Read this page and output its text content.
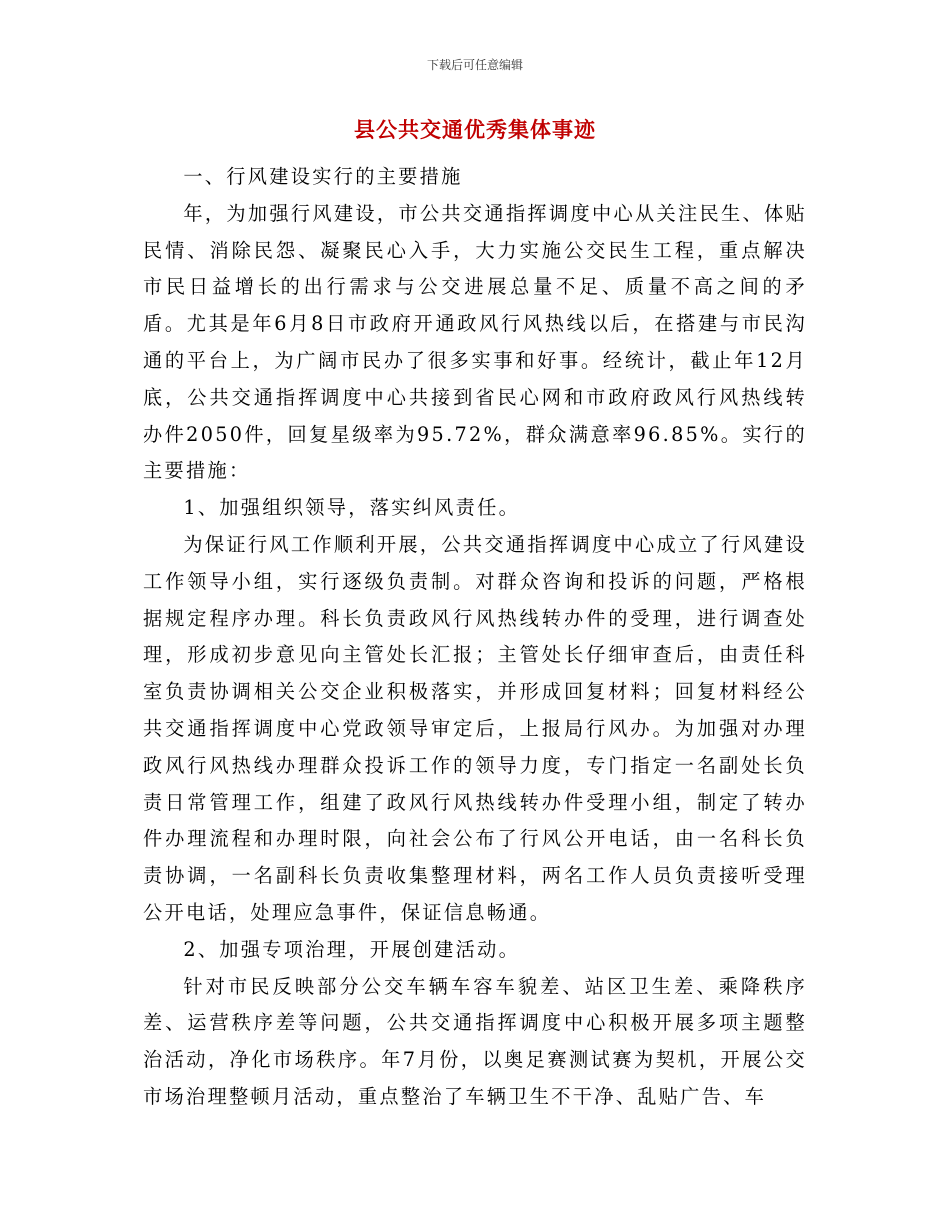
下载后可任意编辑
县公共交通优秀集体事迹

一、行风建设实行的主要措施

年，为加强行风建设，市公共交通指挥调度中心从关注民生、体贴民情、消除民怨、凝聚民心入手，大力实施公交民生工程，重点解决市民日益增长的出行需求与公交进展总量不足、质量不高之间的矛盾。尤其是年6月8日市政府开通政风行风热线以后，在搭建与市民沟通的平台上，为广阔市民办了很多实事和好事。经统计，截止年12月底，公共交通指挥调度中心共接到省民心网和市政府政风行风热线转办件2050件，回复星级率为95.72%，群众满意率96.85%。实行的主要措施：

1、加强组织领导，落实纠风责任。

为保证行风工作顺利开展，公共交通指挥调度中心成立了行风建设工作领导小组，实行逐级负责制。对群众咨询和投诉的问题，严格根据规定程序办理。科长负责政风行风热线转办件的受理，进行调查处理，形成初步意见向主管处长汇报；主管处长仔细审查后，由责任科室负责协调相关公交企业积极落实，并形成回复材料；回复材料经公共交通指挥调度中心党政领导审定后，上报局行风办。为加强对办理政风行风热线办理群众投诉工作的领导力度，专门指定一名副处长负责日常管理工作，组建了政风行风热线转办件受理小组，制定了转办件办理流程和办理时限，向社会公布了行风公开电话，由一名科长负责协调，一名副科长负责收集整理材料，两名工作人员负责接听受理公开电话，处理应急事件，保证信息畅通。

2、加强专项治理，开展创建活动。

针对市民反映部分公交车辆车容车貌差、站区卫生差、乘降秩序差、运营秩序差等问题，公共交通指挥调度中心积极开展多项主题整治活动，净化市场秩序。年7月份，以奥足赛测试赛为契机，开展公交市场治理整顿月活动，重点整治了车辆卫生不干净、乱贴广告、车
